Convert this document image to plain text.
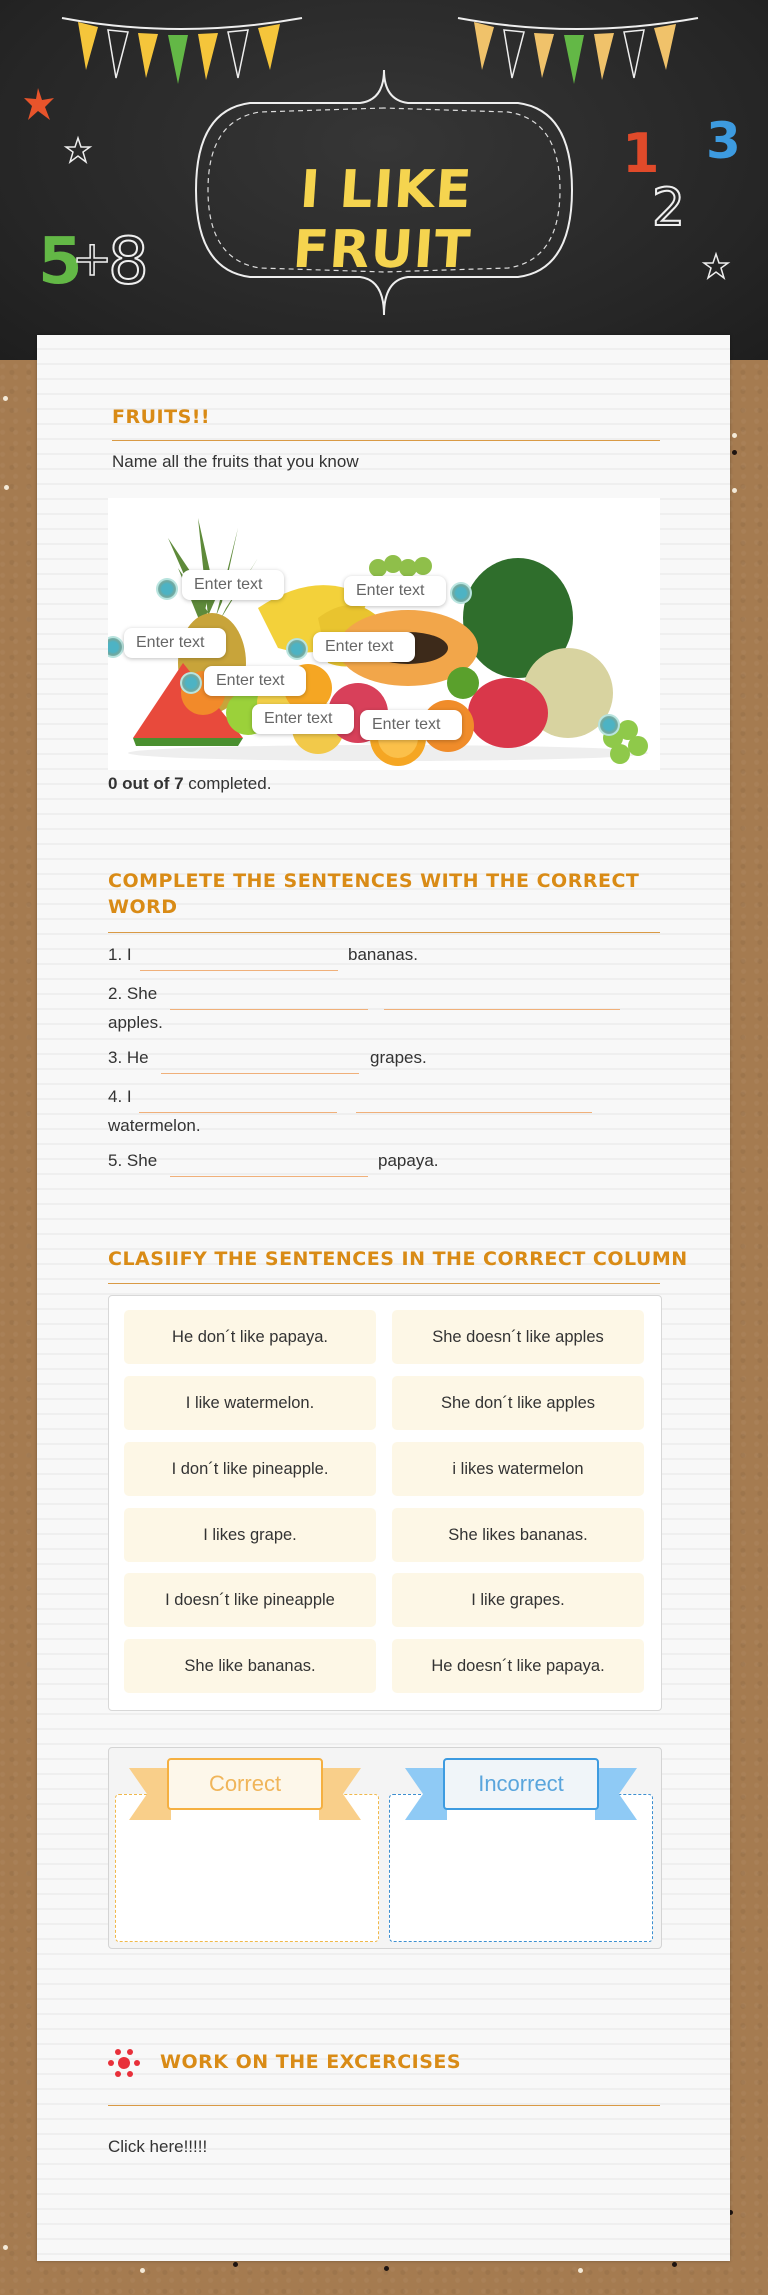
5
+
8
1
2
3
I LIKE FRUIT
FRUITS!!
Name all the fruits that you know
Enter text	Enter text
Enter text	Enter text
Enter text
Enter text	Enter text
0 out of 7 completed.
COMPLETE THE SENTENCES WITH THE CORRECT WORD
1. I	bananas.
2. She
apples.
3. He	grapes.
4. I
watermelon.
5. She	papaya.
CLASIIFY THE SENTENCES IN THE CORRECT COLUMN
He don´t like papaya.	She doesn´t like apples
I like watermelon.	She don´t like apples
I don´t like pineapple.	i likes watermelon
I likes grape.	She likes bananas.
I doesn´t like pineapple	I like grapes.
She like bananas.	He doesn´t like papaya.
Correct	Incorrect
WORK ON THE EXCERCISES
Click here!!!!!
